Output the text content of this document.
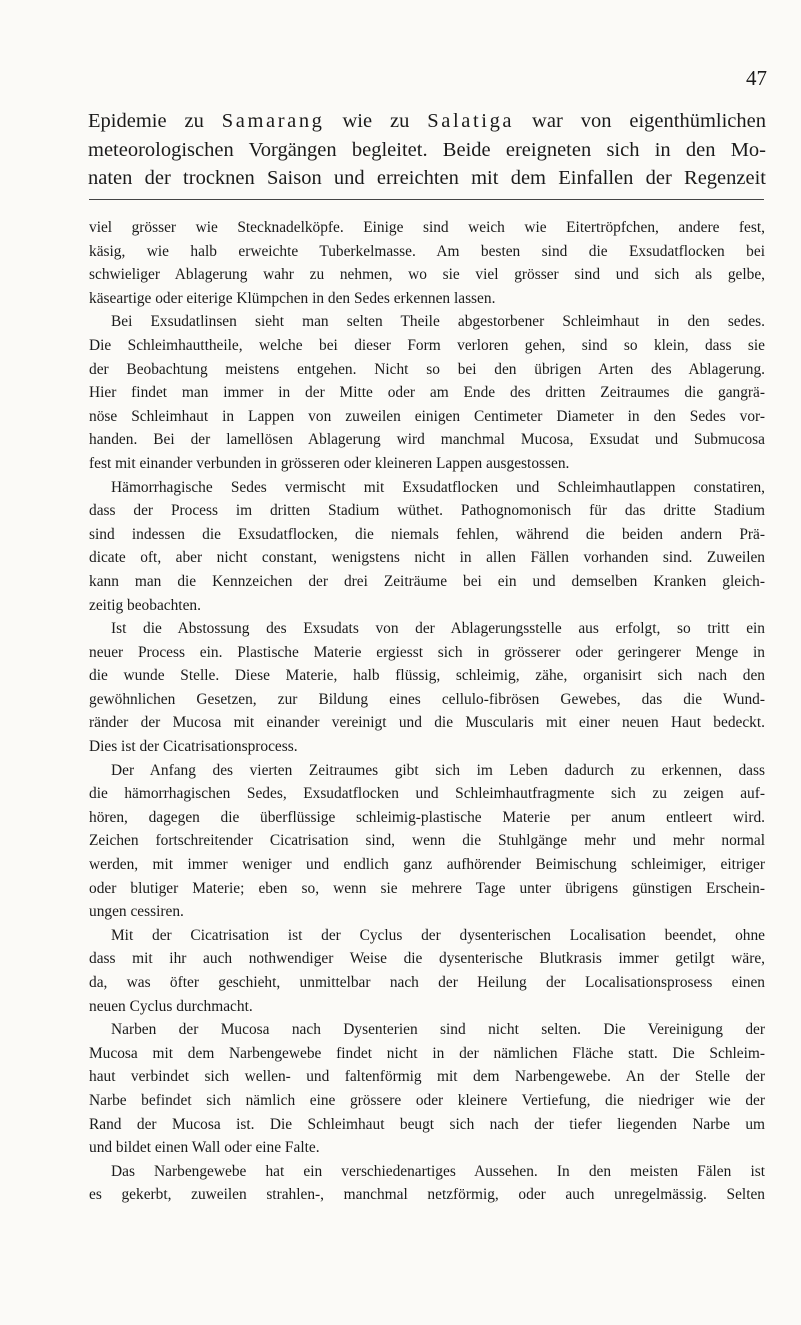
47
Epidemie zu Samarang wie zu Salatiga war von eigenthümlichen
meteorologischen Vorgängen begleitet. Beide ereigneten sich in den Mo-
naten der trocknen Saison und erreichten mit dem Einfallen der Regenzeit
viel grösser wie Stecknadelköpfe. Einige sind weich wie Eitertröpfchen, andere fest,
käsig, wie halb erweichte Tuberkelmasse. Am besten sind die Exsudatflocken bei
schwieliger Ablagerung wahr zu nehmen, wo sie viel grösser sind und sich als gelbe,
käseartige oder eiterige Klümpchen in den Sedes erkennen lassen.
Bei Exsudatlinsen sieht man selten Theile abgestorbener Schleimhaut in den sedes.
Die Schleimhauttheile, welche bei dieser Form verloren gehen, sind so klein, dass sie
der Beobachtung meistens entgehen. Nicht so bei den übrigen Arten des Ablagerung.
Hier findet man immer in der Mitte oder am Ende des dritten Zeitraumes die gangrä-
nöse Schleimhaut in Lappen von zuweilen einigen Centimeter Diameter in den Sedes vor-
handen. Bei der lamellösen Ablagerung wird manchmal Mucosa, Exsudat und Submucosa
fest mit einander verbunden in grösseren oder kleineren Lappen ausgestossen.
Hämorrhagische Sedes vermischt mit Exsudatflocken und Schleimhautlappen constatiren,
dass der Process im dritten Stadium wüthet. Pathognomonisch für das dritte Stadium
sind indessen die Exsudatflocken, die niemals fehlen, während die beiden andern Prä-
dicate oft, aber nicht constant, wenigstens nicht in allen Fällen vorhanden sind. Zuweilen
kann man die Kennzeichen der drei Zeiträume bei ein und demselben Kranken gleich-
zeitig beobachten.
Ist die Abstossung des Exsudats von der Ablagerungsstelle aus erfolgt, so tritt ein
neuer Process ein. Plastische Materie ergiesst sich in grösserer oder geringerer Menge in
die wunde Stelle. Diese Materie, halb flüssig, schleimig, zähe, organisirt sich nach den
gewöhnlichen Gesetzen, zur Bildung eines cellulo-fibrösen Gewebes, das die Wund-
ränder der Mucosa mit einander vereinigt und die Muscularis mit einer neuen Haut bedeckt.
Dies ist der Cicatrisationsprocess.
Der Anfang des vierten Zeitraumes gibt sich im Leben dadurch zu erkennen, dass
die hämorrhagischen Sedes, Exsudatflocken und Schleimhautfragmente sich zu zeigen auf-
hören, dagegen die überflüssige schleimig-plastische Materie per anum entleert wird.
Zeichen fortschreitender Cicatrisation sind, wenn die Stuhlgänge mehr und mehr normal
werden, mit immer weniger und endlich ganz aufhörender Beimischung schleimiger, eitriger
oder blutiger Materie; eben so, wenn sie mehrere Tage unter übrigens günstigen Erschein-
ungen cessiren.
Mit der Cicatrisation ist der Cyclus der dysenterischen Localisation beendet, ohne
dass mit ihr auch nothwendiger Weise die dysenterische Blutkrasis immer getilgt wäre,
da, was öfter geschieht, unmittelbar nach der Heilung der Localisationsprosess einen
neuen Cyclus durchmacht.
Narben der Mucosa nach Dysenterien sind nicht selten. Die Vereinigung der
Mucosa mit dem Narbengewebe findet nicht in der nämlichen Fläche statt. Die Schleim-
haut verbindet sich wellen- und faltenförmig mit dem Narbengewebe. An der Stelle der
Narbe befindet sich nämlich eine grössere oder kleinere Vertiefung, die niedriger wie der
Rand der Mucosa ist. Die Schleimhaut beugt sich nach der tiefer liegenden Narbe um
und bildet einen Wall oder eine Falte.
Das Narbengewebe hat ein verschiedenartiges Aussehen. In den meisten Fälen ist
es gekerbt, zuweilen strahlen-, manchmal netzförmig, oder auch unregelmässig. Selten
